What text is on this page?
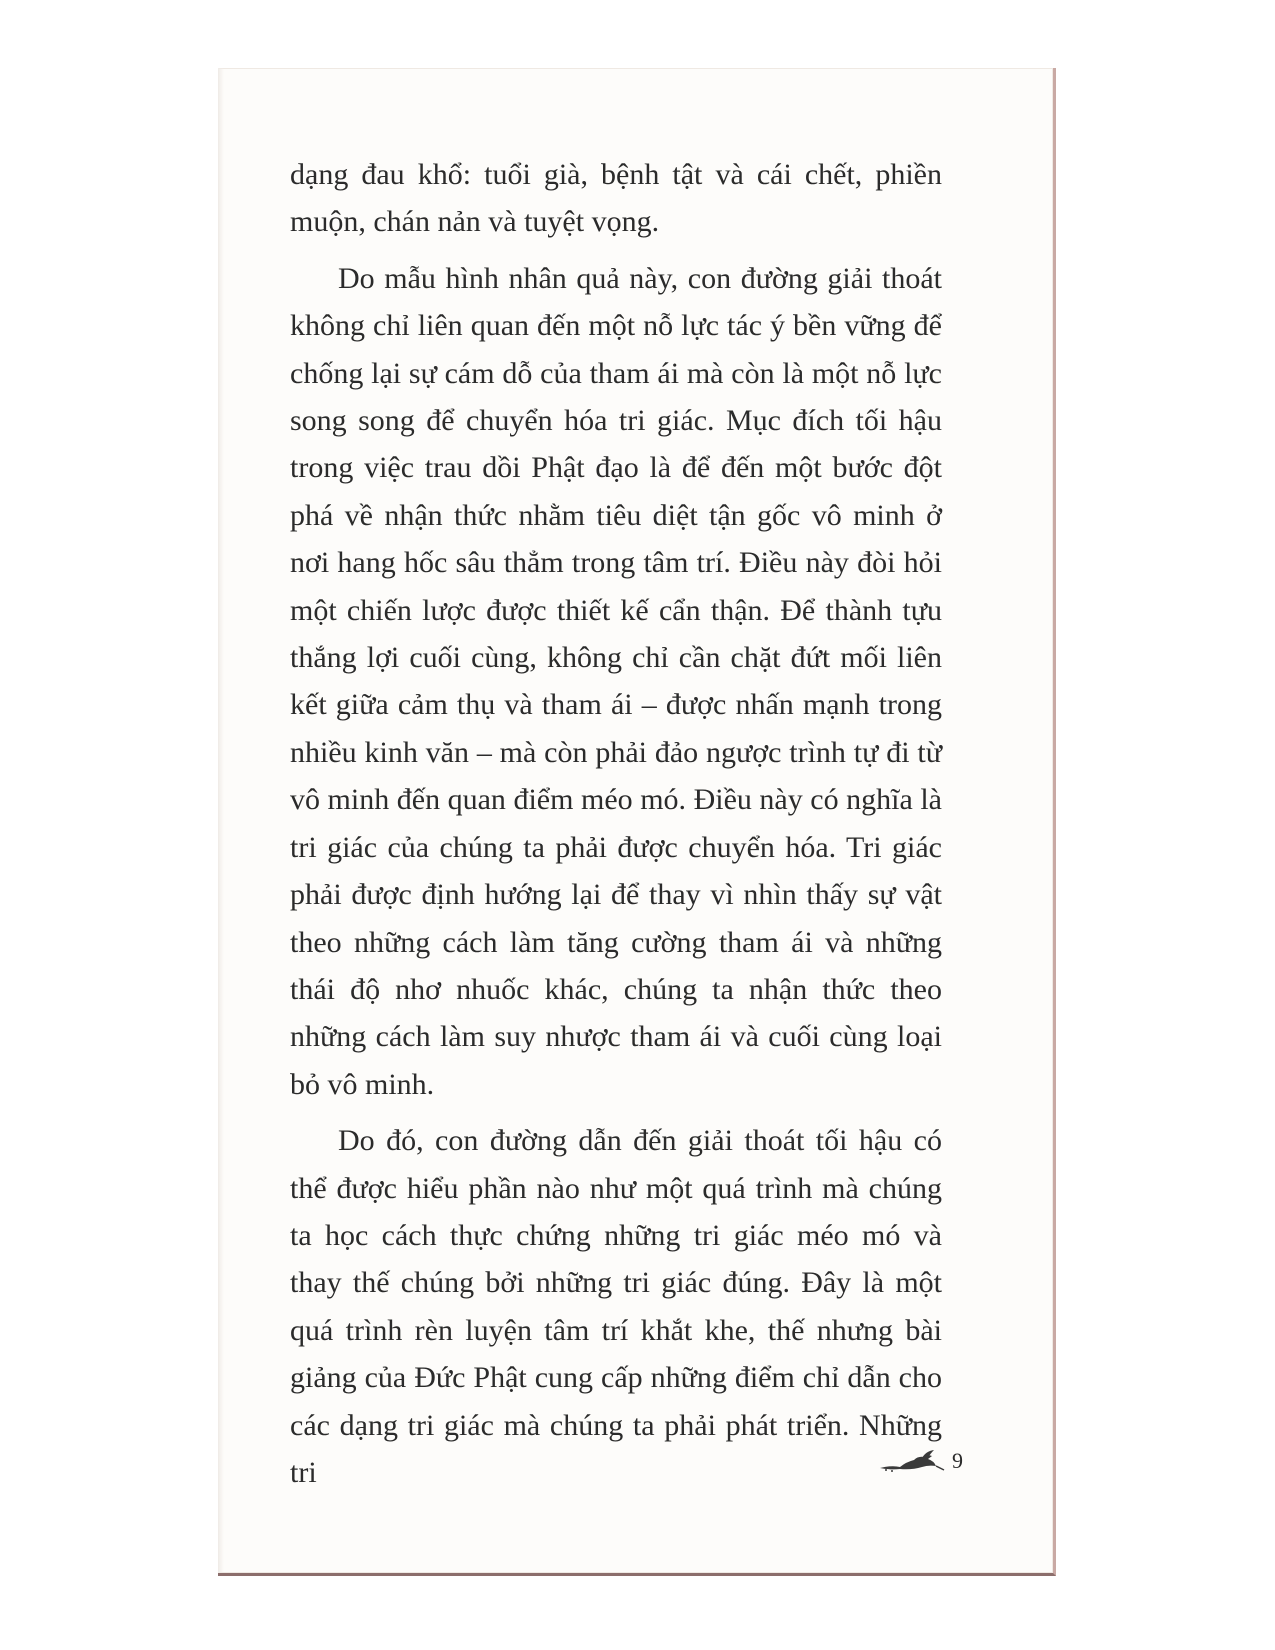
dạng đau khổ: tuổi già, bệnh tật và cái chết, phiền muộn, chán nản và tuyệt vọng.

Do mẫu hình nhân quả này, con đường giải thoát không chỉ liên quan đến một nỗ lực tác ý bền vững để chống lại sự cám dỗ của tham ái mà còn là một nỗ lực song song để chuyển hóa tri giác. Mục đích tối hậu trong việc trau dồi Phật đạo là để đến một bước đột phá về nhận thức nhằm tiêu diệt tận gốc vô minh ở nơi hang hốc sâu thẳm trong tâm trí. Điều này đòi hỏi một chiến lược được thiết kế cẩn thận. Để thành tựu thắng lợi cuối cùng, không chỉ cần chặt đứt mối liên kết giữa cảm thụ và tham ái – được nhấn mạnh trong nhiều kinh văn – mà còn phải đảo ngược trình tự đi từ vô minh đến quan điểm méo mó. Điều này có nghĩa là tri giác của chúng ta phải được chuyển hóa. Tri giác phải được định hướng lại để thay vì nhìn thấy sự vật theo những cách làm tăng cường tham ái và những thái độ nhơ nhuốc khác, chúng ta nhận thức theo những cách làm suy nhược tham ái và cuối cùng loại bỏ vô minh.

Do đó, con đường dẫn đến giải thoát tối hậu có thể được hiểu phần nào như một quá trình mà chúng ta học cách thực chứng những tri giác méo mó và thay thế chúng bởi những tri giác đúng. Đây là một quá trình rèn luyện tâm trí khắt khe, thế nhưng bài giảng của Đức Phật cung cấp những điểm chỉ dẫn cho các dạng tri giác mà chúng ta phải phát triển. Những tri	9
